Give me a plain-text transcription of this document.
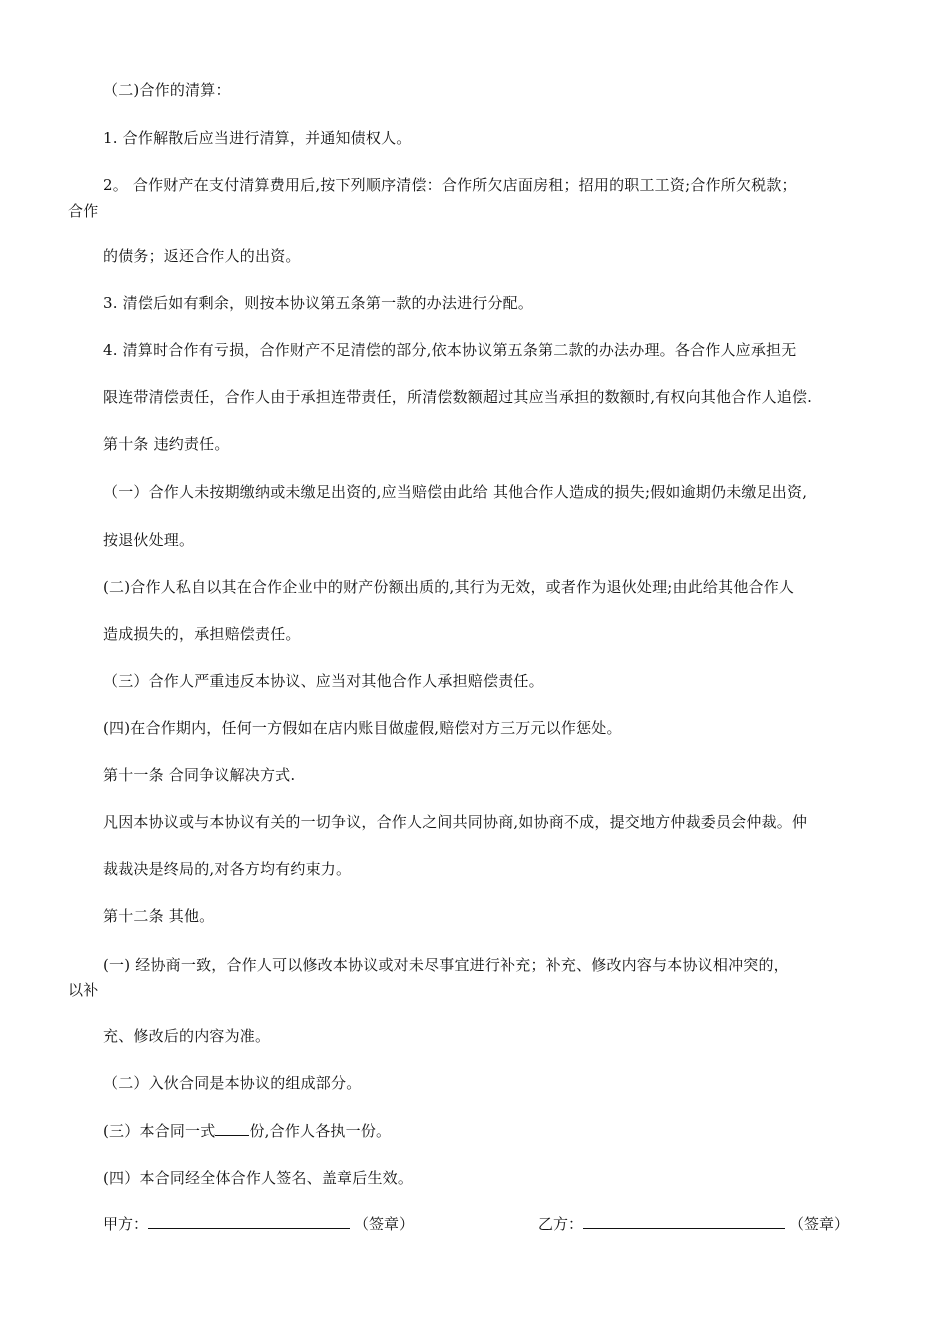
（二)合作的清算：
1. 合作解散后应当进行清算，并通知债权人。
2。 合作财产在支付清算费用后,按下列顺序清偿：合作所欠店面房租；招用的职工工资;合作所欠税款；
合作
的债务；返还合作人的出资。
3. 清偿后如有剩余，则按本协议第五条第一款的办法进行分配。
4. 清算时合作有亏损，合作财产不足清偿的部分,依本协议第五条第二款的办法办理。各合作人应承担无
限连带清偿责任，合作人由于承担连带责任，所清偿数额超过其应当承担的数额时,有权向其他合作人追偿.
第十条 违约责任。
（一）合作人未按期缴纳或未缴足出资的,应当赔偿由此给 其他合作人造成的损失;假如逾期仍未缴足出资,
按退伙处理。
(二)合作人私自以其在合作企业中的财产份额出质的,其行为无效，或者作为退伙处理;由此给其他合作人
造成损失的，承担赔偿责任。
（三）合作人严重违反本协议、应当对其他合作人承担赔偿责任。
(四)在合作期内，任何一方假如在店内账目做虚假,赔偿对方三万元以作惩处。
第十一条 合同争议解决方式.
凡因本协议或与本协议有关的一切争议，合作人之间共同协商,如协商不成，提交地方仲裁委员会仲裁。仲
裁裁决是终局的,对各方均有约束力。
第十二条 其他。
(一) 经协商一致，合作人可以修改本协议或对未尽事宜进行补充；补充、修改内容与本协议相冲突的，
以补
充、修改后的内容为准。
（二）入伙合同是本协议的组成部分。
(三）本合同一式 份,合作人各执一份。
(四）本合同经全体合作人签名、盖章后生效。
甲方：	（签章）	乙方：	（签章）
